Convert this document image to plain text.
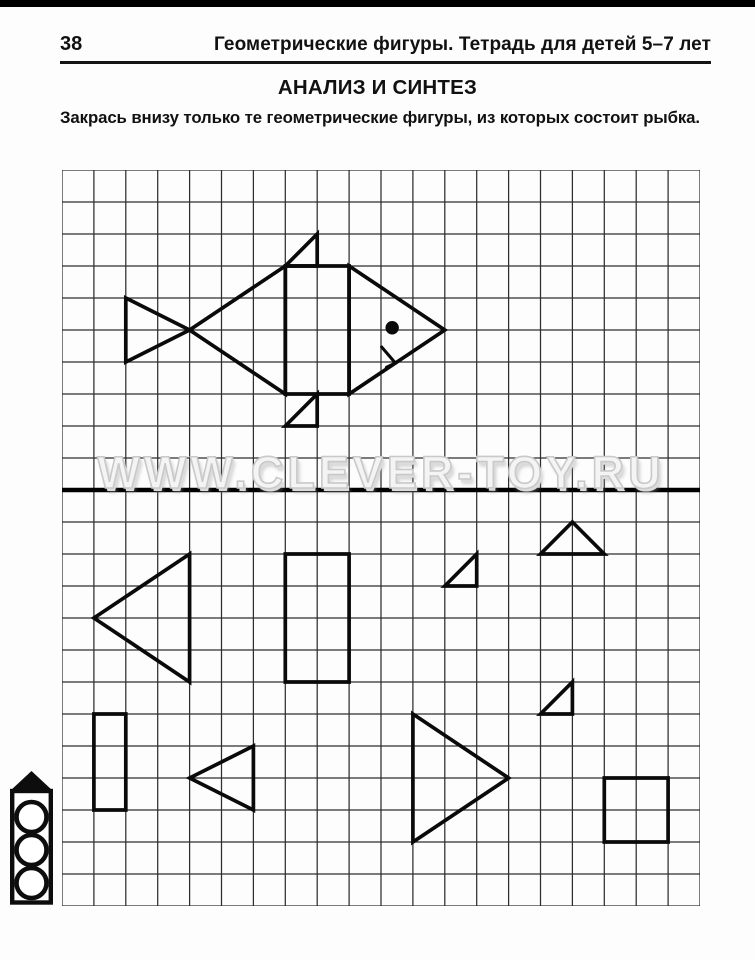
38	Геометрические фигуры. Тетрадь для детей 5–7 лет
АНАЛИЗ И СИНТЕЗ

Закрась внизу только те геометрические фигуры, из которых состоит рыбка.

WWW.CLEVER-TOY.RU
